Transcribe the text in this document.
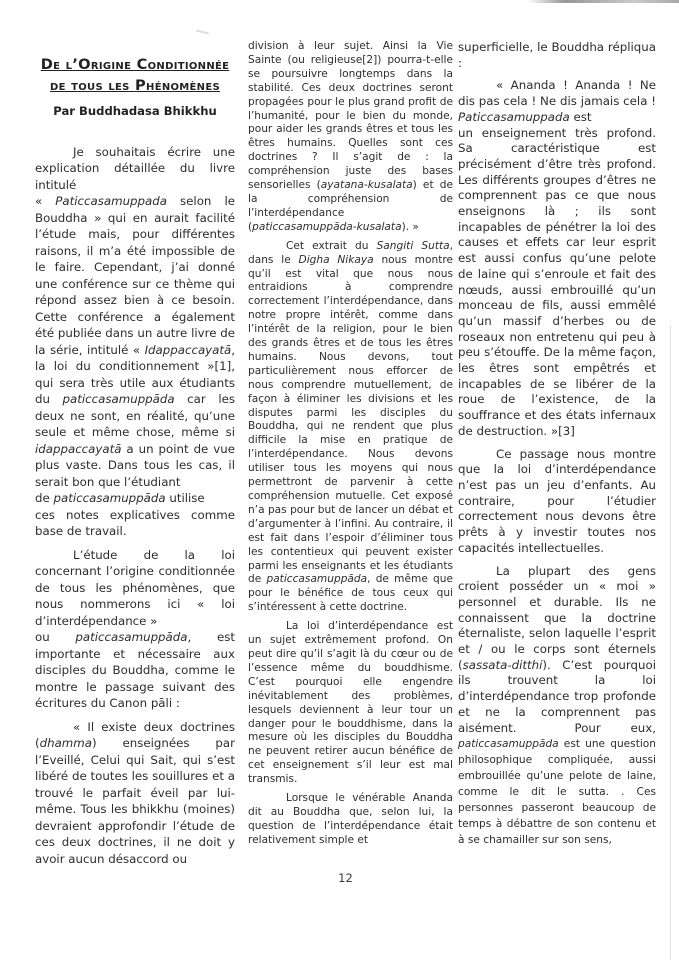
De l’Origine Conditionnée
de tous les Phénomènes
Par Buddhadasa Bhikkhu

Je souhaitais écrire une explication détaillée du livre intitulé
« Paticcasamuppada selon le Bouddha » qui en aurait facilité l’étude mais, pour différentes raisons, il m’a été impossible de le faire. Cependant, j’ai donné une conférence sur ce thème qui répond assez bien à ce besoin. Cette conférence a également été publiée dans un autre livre de la série, intitulé « Idappaccayatā, la loi du conditionnement »[1], qui sera très utile aux étudiants du paticcasamuppāda car les deux ne sont, en réalité, qu’une seule et même chose, même si idappaccayatā a un point de vue plus vaste. Dans tous les cas, il serait bon que l’étudiant
de paticcasamuppāda utilise
ces notes explicatives comme base de travail.

L’étude de la loi concernant l’origine conditionnée de tous les phénomènes, que nous nommerons ici « loi d’interdépendance »
ou paticcasamuppāda, est importante et nécessaire aux disciples du Bouddha, comme le montre le passage suivant des écritures du Canon pāli :

« Il existe deux doctrines (dhamma) enseignées par l’Eveillé, Celui qui Sait, qui s’est libéré de toutes les souillures et a trouvé le parfait éveil par lui-même. Tous les bhikkhu (moines) devraient approfondir l’étude de ces deux doctrines, il ne doit y avoir aucun désaccord ou

division à leur sujet. Ainsi la Vie Sainte (ou religieuse[2]) pourra-t-elle se poursuivre longtemps dans la stabilité. Ces deux doctrines seront propagées pour le plus grand profit de l’humanité, pour le bien du monde, pour aider les grands êtres et tous les êtres humains. Quelles sont ces doctrines ? Il s’agit de : la compréhension juste des bases sensorielles (ayatana-kusalata) et de la compréhension de l’interdépendance (paticcasamuppāda-kusalata). »

Cet extrait du Sangiti Sutta, dans le Digha Nikaya nous montre qu’il est vital que nous nous entraidions à comprendre correctement l’interdépendance, dans notre propre intérêt, comme dans l’intérêt de la religion, pour le bien des grands êtres et de tous les êtres humains. Nous devons, tout particulièrement nous efforcer de nous comprendre mutuellement, de façon à éliminer les divisions et les disputes parmi les disciples du Bouddha, qui ne rendent que plus difficile la mise en pratique de l’interdépendance. Nous devons utiliser tous les moyens qui nous permettront de parvenir à cette compréhension mutuelle. Cet exposé n’a pas pour but de lancer un débat et d’argumenter à l’infini. Au contraire, il est fait dans l’espoir d’éliminer tous les contentieux qui peuvent exister parmi les enseignants et les étudiants de paticcasamuppāda, de même que pour le bénéfice de tous ceux qui s’intéressent à cette doctrine.

La loi d’interdépendance est un sujet extrêmement profond. On peut dire qu’il s’agit là du cœur ou de l’essence même du bouddhisme. C’est pourquoi elle engendre inévitablement des problèmes, lesquels deviennent à leur tour un danger pour le bouddhisme, dans la mesure où les disciples du Bouddha ne peuvent retirer aucun bénéfice de cet enseignement s’il leur est mal transmis.

Lorsque le vénérable Ananda dit au Bouddha que, selon lui, la question de l’interdépendance était relativement simple et

superficielle, le Bouddha répliqua :

« Ananda ! Ananda ! Ne dis pas cela ! Ne dis jamais cela ! Paticcasamuppada est
un enseignement très profond. Sa caractéristique est précisément d’être très profond. Les différents groupes d’êtres ne comprennent pas ce que nous enseignons là ; ils sont incapables de pénétrer la loi des causes et effets car leur esprit est aussi confus qu’une pelote de laine qui s’enroule et fait des nœuds, aussi embrouillé qu’un monceau de fils, aussi emmêlé qu’un massif d’herbes ou de roseaux non entretenu qui peu à peu s’étouffe. De la même façon, les êtres sont empêtrés et incapables de se libérer de la roue de l’existence, de la souffrance et des états infernaux de destruction. »[3]

Ce passage nous montre que la loi d’interdépendance n’est pas un jeu d’enfants. Au contraire, pour l’étudier correctement nous devons être prêts à y investir toutes nos capacités intellectuelles.

La plupart des gens croient posséder un « moi » personnel et durable. Ils ne connaissent que la doctrine éternaliste, selon laquelle l’esprit et / ou le corps sont éternels (sassata-ditthi). C’est pourquoi ils trouvent la loi d’interdépendance trop profonde et ne la comprennent pas aisément.	Pour eux, paticcasamuppāda est une question philosophique compliquée, aussi embrouillée qu’une pelote de laine, comme le dit le sutta. . Ces personnes passeront beaucoup de temps à débattre de son contenu et à se chamailler sur son sens,

12
